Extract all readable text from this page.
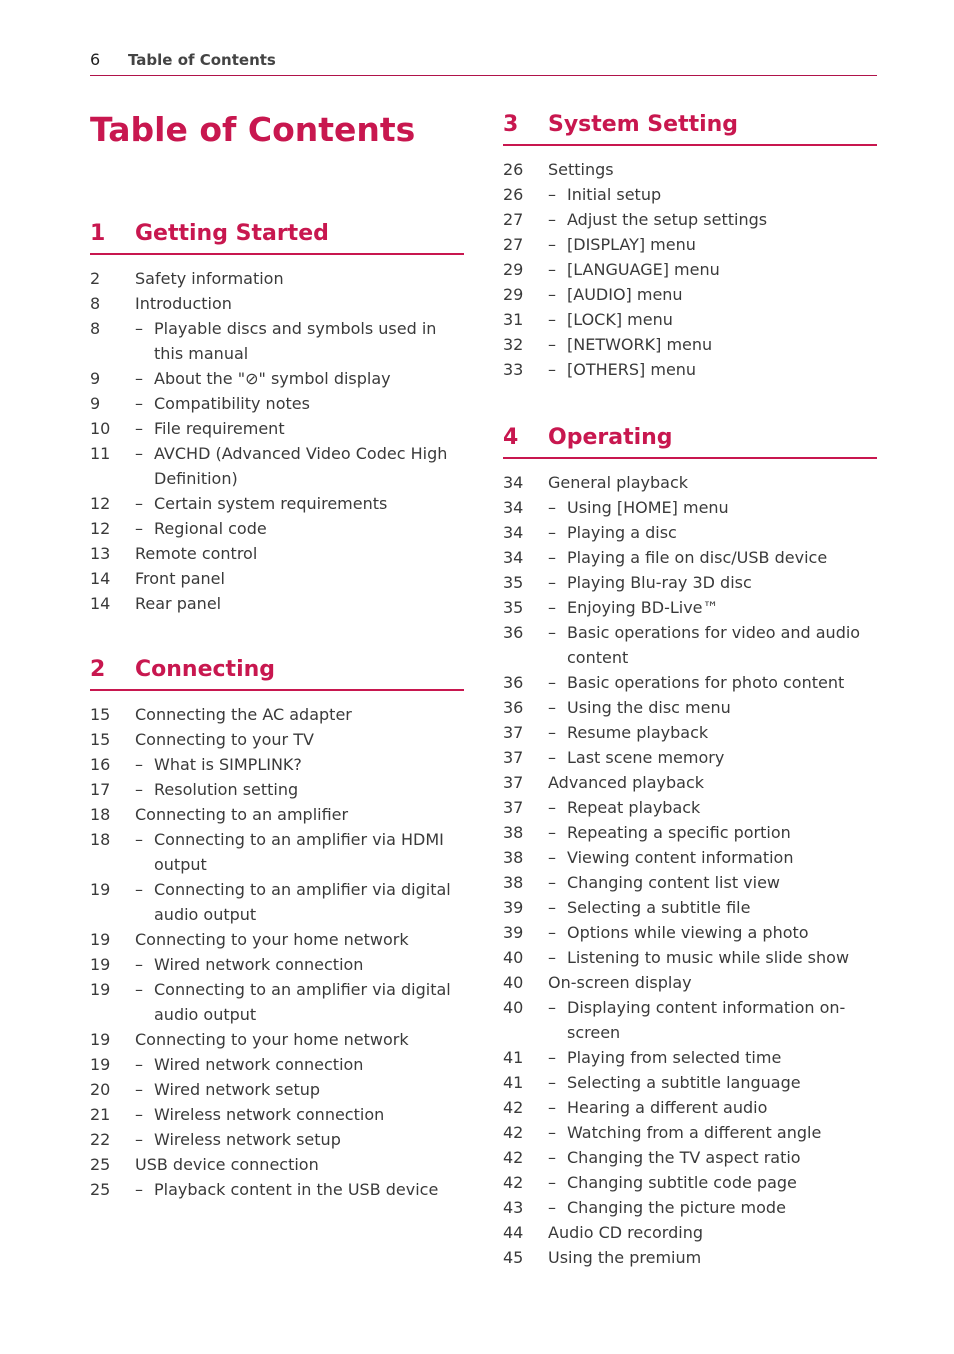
6 Table of Contents
Table of Contents
1 Getting Started
2	Safety information
8	Introduction
8 – Playable discs and symbols used in this manual
9 – About the "⊘" symbol display
9 – Compatibility notes
10 – File requirement
11 – AVCHD (Advanced Video Codec High Definition)
12 – Certain system requirements
12 – Regional code
13	Remote control
14	Front panel
14	Rear panel
2 Connecting
15	Connecting the AC adapter
15	Connecting to your TV
16 – What is SIMPLINK?
17 – Resolution setting
18	Connecting to an amplifier
18 – Connecting to an amplifier via HDMI output
19 – Connecting to an amplifier via digital audio output
19	Connecting to your home network
19 – Wired network connection
19 – Connecting to an amplifier via digital audio output
19	Connecting to your home network
19 – Wired network connection
20 – Wired network setup
21 – Wireless network connection
22 – Wireless network setup
25	USB device connection
25 – Playback content in the USB device
3 System Setting
26	Settings
26 – Initial setup
27 – Adjust the setup settings
27 – [DISPLAY] menu
29 – [LANGUAGE] menu
29 – [AUDIO] menu
31 – [LOCK] menu
32 – [NETWORK] menu
33 – [OTHERS] menu
4 Operating
34	General playback
34 – Using [HOME] menu
34 – Playing a disc
34 – Playing a file on disc/USB device
35 – Playing Blu-ray 3D disc
35 – Enjoying BD-Live™
36 – Basic operations for video and audio content
36 – Basic operations for photo content
36 – Using the disc menu
37 – Resume playback
37 – Last scene memory
37	Advanced playback
37 – Repeat playback
38 – Repeating a specific portion
38 – Viewing content information
38 – Changing content list view
39 – Selecting a subtitle file
39 – Options while viewing a photo
40 – Listening to music while slide show
40	On-screen display
40 – Displaying content information on-screen
41 – Playing from selected time
41 – Selecting a subtitle language
42 – Hearing a different audio
42 – Watching from a different angle
42 – Changing the TV aspect ratio
42 – Changing subtitle code page
43 – Changing the picture mode
44	Audio CD recording
45	Using the premium
